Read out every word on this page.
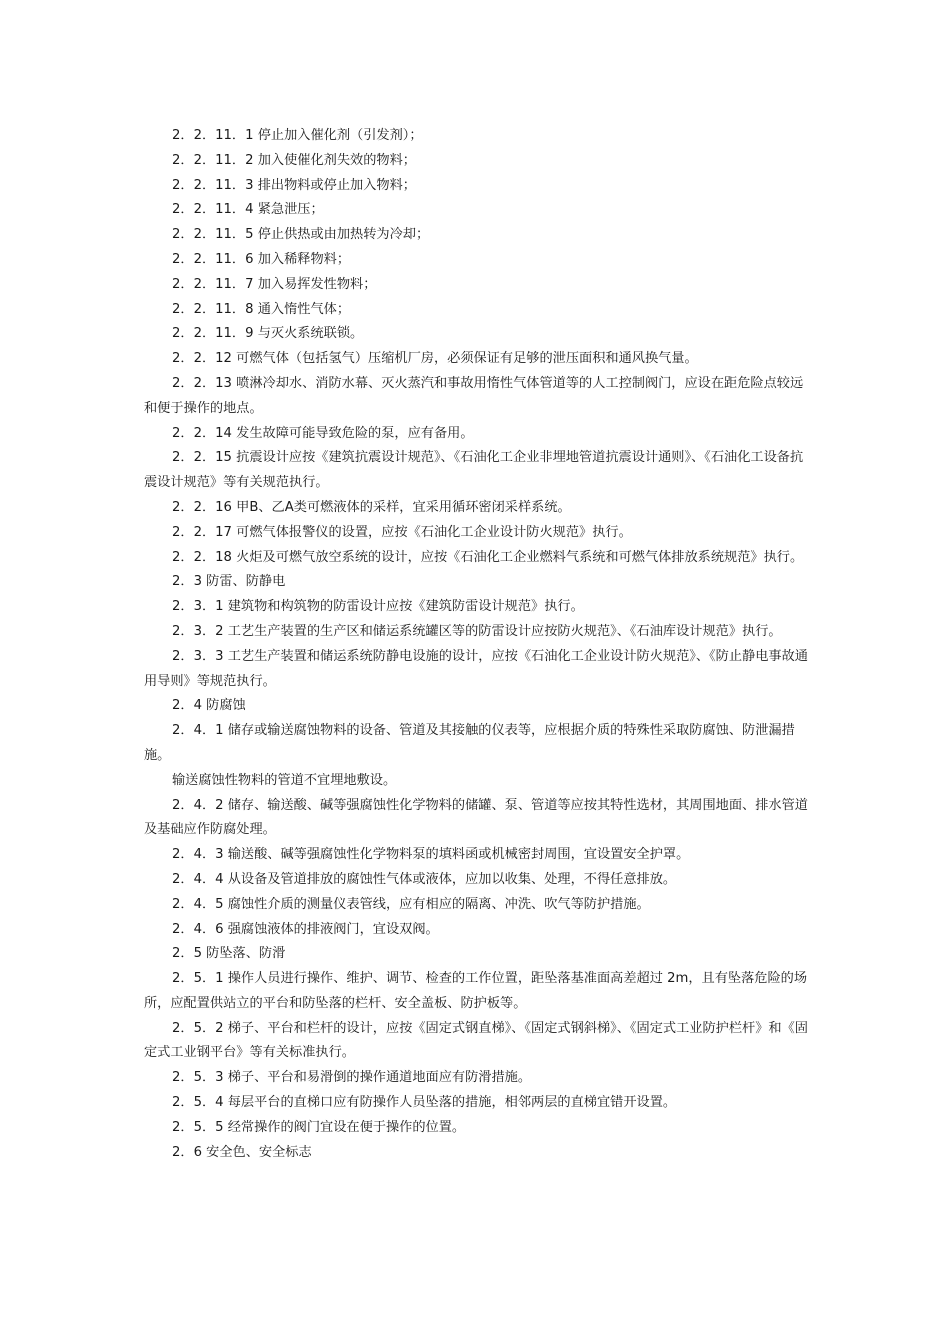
2．2．11．1 停止加入催化剂（引发剂）；

2．2．11．2 加入使催化剂失效的物料；

2．2．11．3 排出物料或停止加入物料；

2．2．11．4 紧急泄压；

2．2．11．5 停止供热或由加热转为冷却；

2．2．11．6 加入稀释物料；

2．2．11．7 加入易挥发性物料；

2．2．11．8 通入惰性气体；

2．2．11．9 与灭火系统联锁。

2．2．12 可燃气体（包括氢气）压缩机厂房，必须保证有足够的泄压面积和通风换气量。

2．2．13 喷淋冷却水、消防水幕、灭火蒸汽和事故用惰性气体管道等的人工控制阀门，应设在距危险点较远和便于操作的地点。

2．2．14 发生故障可能导致危险的泵，应有备用。

2．2．15 抗震设计应按《建筑抗震设计规范》、《石油化工企业非埋地管道抗震设计通则》、《石油化工设备抗震设计规范》等有关规范执行。

2．2．16 甲B、乙A类可燃液体的采样，宜采用循环密闭采样系统。

2．2．17 可燃气体报警仪的设置，应按《石油化工企业设计防火规范》执行。

2．2．18 火炬及可燃气放空系统的设计，应按《石油化工企业燃料气系统和可燃气体排放系统规范》执行。

2．3 防雷、防静电

2．3．1 建筑物和构筑物的防雷设计应按《建筑防雷设计规范》执行。

2．3．2 工艺生产装置的生产区和储运系统罐区等的防雷设计应按防火规范》、《石油库设计规范》执行。

2．3．3 工艺生产装置和储运系统防静电设施的设计，应按《石油化工企业设计防火规范》、《防止静电事故通用导则》等规范执行。

2．4 防腐蚀

2．4．1 储存或输送腐蚀物料的设备、管道及其接触的仪表等，应根据介质的特殊性采取防腐蚀、防泄漏措施。

输送腐蚀性物料的管道不宜埋地敷设。

2．4．2 储存、输送酸、碱等强腐蚀性化学物料的储罐、泵、管道等应按其特性选材，其周围地面、排水管道及基础应作防腐处理。

2．4．3 输送酸、碱等强腐蚀性化学物料泵的填料函或机械密封周围，宜设置安全护罩。

2．4．4 从设备及管道排放的腐蚀性气体或液体，应加以收集、处理，不得任意排放。

2．4．5 腐蚀性介质的测量仪表管线，应有相应的隔离、冲洗、吹气等防护措施。

2．4．6 强腐蚀液体的排液阀门，宜设双阀。

2．5 防坠落、防滑

2．5．1 操作人员进行操作、维护、调节、检查的工作位置，距坠落基准面高差超过 2m，且有坠落危险的场所，应配置供站立的平台和防坠落的栏杆、安全盖板、防护板等。

2．5．2 梯子、平台和栏杆的设计，应按《固定式钢直梯》、《固定式钢斜梯》、《固定式工业防护栏杆》和《固定式工业钢平台》等有关标准执行。

2．5．3 梯子、平台和易滑倒的操作通道地面应有防滑措施。

2．5．4 每层平台的直梯口应有防操作人员坠落的措施，相邻两层的直梯宜错开设置。

2．5．5 经常操作的阀门宜设在便于操作的位置。

2．6 安全色、安全标志
